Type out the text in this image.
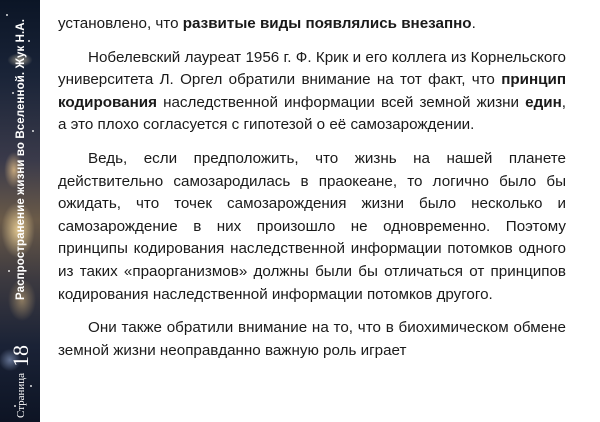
Распространение жизни во Вселенной. Жук Н.А.
Страница 18

установлено, что развитые виды появлялись внезапно.

Нобелевский лауреат 1956 г. Ф. Крик и его коллега из Корнельского университета Л. Оргел обратили внимание на тот факт, что принцип кодирования наследственной информации всей земной жизни един, а это плохо согласуется с гипотезой о её самозарождении.

Ведь, если предположить, что жизнь на нашей планете действительно самозародилась в праокеане, то логично было бы ожидать, что точек самозарождения жизни было несколько и самозарождение в них произошло не одновременно. Поэтому принципы кодирования наследственной информации потомков одного из таких «праорганизмов» должны были бы отличаться от принципов кодирования наследственной информации потомков другого.

Они также обратили внимание на то, что в биохимическом обмене земной жизни неоправданно важную роль играет
